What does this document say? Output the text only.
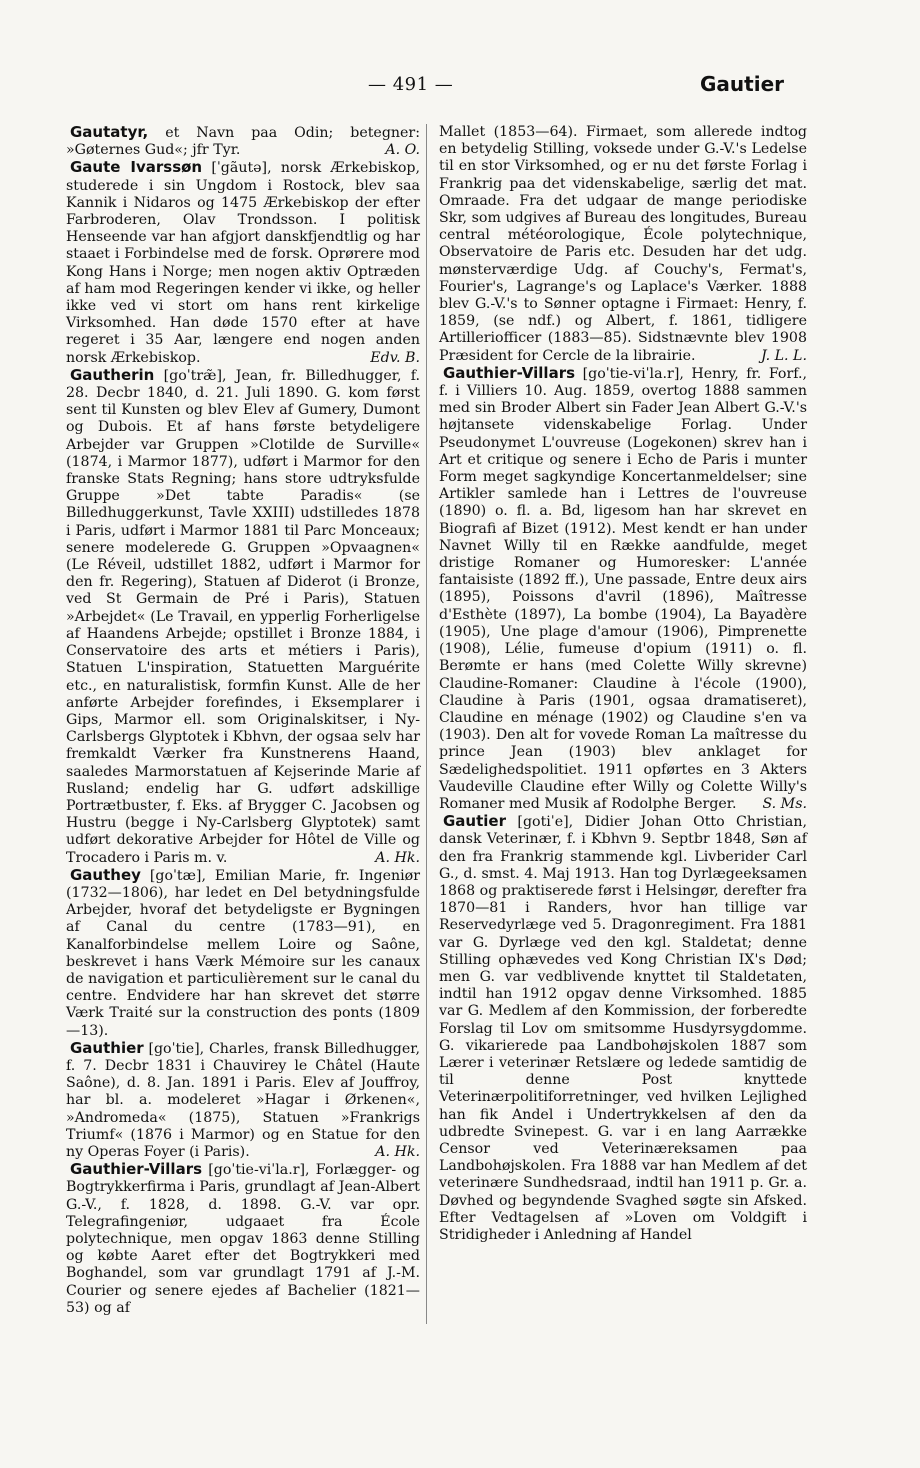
— 491 —	Gautier

Gautatyr, et Navn paa Odin; betegner: »Gøternes Gud«; jfr Tyr.	A. O.

Gaute Ivarssøn [ˈgãutə], norsk Ærkebiskop, studerede i sin Ungdom i Rostock, blev saa Kannik i Nidaros og 1475 Ærkebiskop der efter Farbroderen, Olav Trondsson. I politisk Henseende var han afgjort danskfjendtlig og har staaet i Forbindelse med de forsk. Oprørere mod Kong Hans i Norge; men nogen aktiv Optræden af ham mod Regeringen kender vi ikke, og heller ikke ved vi stort om hans rent kirkelige Virksomhed. Han døde 1570 efter at have regeret i 35 Aar, længere end nogen anden norsk Ærkebiskop.	Edv. B.

Gautherin [goˈtræ̃], Jean, fr. Billedhugger, f. 28. Decbr 1840, d. 21. Juli 1890. G. kom først sent til Kunsten og blev Elev af Gumery, Dumont og Dubois. Et af hans første betydeligere Arbejder var Gruppen »Clotilde de Surville« (1874, i Marmor 1877), udført i Marmor for den franske Stats Regning; hans store udtryksfulde Gruppe »Det tabte Paradis« (se Billedhuggerkunst, Tavle XXIII) udstilledes 1878 i Paris, udført i Marmor 1881 til Parc Monceaux; senere modelerede G. Gruppen »Opvaagnen« (Le Réveil, udstillet 1882, udført i Marmor for den fr. Regering), Statuen af Diderot (i Bronze, ved St Germain de Pré i Paris), Statuen »Arbejdet« (Le Travail, en ypperlig Forherligelse af Haandens Arbejde; opstillet i Bronze 1884, i Conservatoire des arts et métiers i Paris), Statuen L'inspiration, Statuetten Marguérite etc., en naturalistisk, formfin Kunst. Alle de her anførte Arbejder forefindes, i Eksemplarer i Gips, Marmor ell. som Originalskitser, i Ny-Carlsbergs Glyptotek i Kbhvn, der ogsaa selv har fremkaldt Værker fra Kunstnerens Haand, saaledes Marmorstatuen af Kejserinde Marie af Rusland; endelig har G. udført adskillige Portrætbuster, f. Eks. af Brygger C. Jacobsen og Hustru (begge i Ny-Carlsberg Glyptotek) samt udført dekorative Arbejder for Hôtel de Ville og Trocadero i Paris m. v.	A. Hk.

Gauthey [goˈtæ], Emilian Marie, fr. Ingeniør (1732—1806), har ledet en Del betydningsfulde Arbejder, hvoraf det betydeligste er Bygningen af Canal du centre (1783—91), en Kanalforbindelse mellem Loire og Saône, beskrevet i hans Værk Mémoire sur les canaux de navigation et particulièrement sur le canal du centre. Endvidere har han skrevet det større Værk Traité sur la construction des ponts (1809—13).

Gauthier [goˈtie], Charles, fransk Billedhugger, f. 7. Decbr 1831 i Chauvirey le Châtel (Haute Saône), d. 8. Jan. 1891 i Paris. Elev af Jouffroy, har bl. a. modeleret »Hagar i Ørkenen«, »Andromeda« (1875), Statuen »Frankrigs Triumf« (1876 i Marmor) og en Statue for den ny Operas Foyer (i Paris).	A. Hk.

Gauthier-Villars [goˈtie-viˈla.r], Forlægger- og Bogtrykkerfirma i Paris, grundlagt af Jean-Albert G.-V., f. 1828, d. 1898. G.-V. var opr. Telegrafingeniør, udgaaet fra École polytechnique, men opgav 1863 denne Stilling og købte Aaret efter det Bogtrykkeri med Boghandel, som var grundlagt 1791 af J.-M. Courier og senere ejedes af Bachelier (1821—53) og af

Mallet (1853—64). Firmaet, som allerede indtog en betydelig Stilling, voksede under G.-V.'s Ledelse til en stor Virksomhed, og er nu det første Forlag i Frankrig paa det videnskabelige, særlig det mat. Omraade. Fra det udgaar de mange periodiske Skr, som udgives af Bureau des longitudes, Bureau central météorologique, École polytechnique, Observatoire de Paris etc. Desuden har det udg. mønsterværdige Udg. af Couchy's, Fermat's, Fourier's, Lagrange's og Laplace's Værker. 1888 blev G.-V.'s to Sønner optagne i Firmaet: Henry, f. 1859, (se ndf.) og Albert, f. 1861, tidligere Artilleriofficer (1883—85). Sidstnævnte blev 1908 Præsident for Cercle de la librairie.	J. L. L.

Gauthier-Villars [goˈtie-viˈla.r], Henry, fr. Forf., f. i Villiers 10. Aug. 1859, overtog 1888 sammen med sin Broder Albert sin Fader Jean Albert G.-V.'s højtansete videnskabelige Forlag. Under Pseudonymet L'ouvreuse (Logekonen) skrev han i Art et critique og senere i Echo de Paris i munter Form meget sagkyndige Koncertanmeldelser; sine Artikler samlede han i Lettres de l'ouvreuse (1890) o. fl. a. Bd, ligesom han har skrevet en Biografi af Bizet (1912). Mest kendt er han under Navnet Willy til en Række aandfulde, meget dristige Romaner og Humoresker: L'année fantaisiste (1892 ff.), Une passade, Entre deux airs (1895), Poissons d'avril (1896), Maîtresse d'Esthète (1897), La bombe (1904), La Bayadère (1905), Une plage d'amour (1906), Pimprenette (1908), Lélie, fumeuse d'opium (1911) o. fl. Berømte er hans (med Colette Willy skrevne) Claudine-Romaner: Claudine à l'école (1900), Claudine à Paris (1901, ogsaa dramatiseret), Claudine en ménage (1902) og Claudine s'en va (1903). Den alt for vovede Roman La maîtresse du prince Jean (1903) blev anklaget for Sædelighedspolitiet. 1911 opførtes en 3 Akters Vaudeville Claudine efter Willy og Colette Willy's Romaner med Musik af Rodolphe Berger.	S. Ms.

Gautier [gotiˈe], Didier Johan Otto Christian, dansk Veterinær, f. i Kbhvn 9. Septbr 1848, Søn af den fra Frankrig stammende kgl. Livberider Carl G., d. smst. 4. Maj 1913. Han tog Dyrlægeeksamen 1868 og praktiserede først i Helsingør, derefter fra 1870—81 i Randers, hvor han tillige var Reservedyrlæge ved 5. Dragonregiment. Fra 1881 var G. Dyrlæge ved den kgl. Staldetat; denne Stilling ophævedes ved Kong Christian IX's Død; men G. var vedblivende knyttet til Staldetaten, indtil han 1912 opgav denne Virksomhed. 1885 var G. Medlem af den Kommission, der forberedte Forslag til Lov om smitsomme Husdyrsygdomme. G. vikarierede paa Landbohøjskolen 1887 som Lærer i veterinær Retslære og ledede samtidig de til denne Post knyttede Veterinærpolitiforretninger, ved hvilken Lejlighed han fik Andel i Undertrykkelsen af den da udbredte Svinepest. G. var i en lang Aarrække Censor ved Veterinæreksamen paa Landbohøjskolen. Fra 1888 var han Medlem af det veterinære Sundhedsraad, indtil han 1911 p. Gr. a. Døvhed og begyndende Svaghed søgte sin Afsked. Efter Vedtagelsen af »Loven om Voldgift i Stridigheder i Anledning af Handel
